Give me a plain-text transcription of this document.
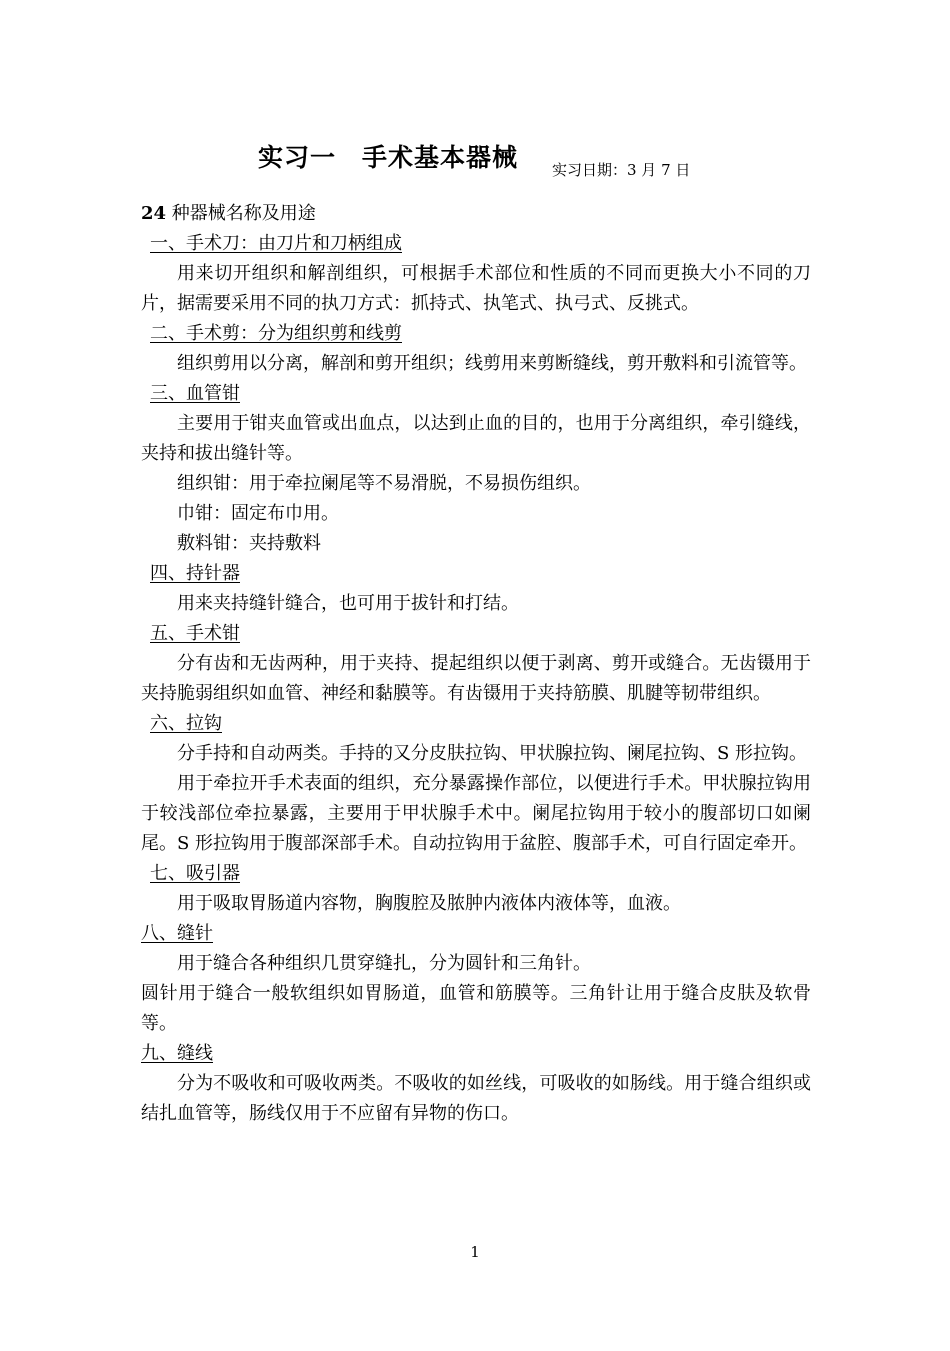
实习一　手术基本器械 实习日期：3 月 7 日
24 种器械名称及用途
一、手术刀：由刀片和刀柄组成

用来切开组织和解剖组织，可根据手术部位和性质的不同而更换大小不同的刀片，据需要采用不同的执刀方式：抓持式、执笔式、执弓式、反挑式。

二、手术剪：分为组织剪和线剪

组织剪用以分离，解剖和剪开组织；线剪用来剪断缝线，剪开敷料和引流管等。

三、血管钳

主要用于钳夹血管或出血点，以达到止血的目的，也用于分离组织，牵引缝线，夹持和拔出缝针等。

组织钳：用于牵拉阑尾等不易滑脱，不易损伤组织。

巾钳：固定布巾用。

敷料钳：夹持敷料

四、持针器

用来夹持缝针缝合，也可用于拔针和打结。

五、手术钳

分有齿和无齿两种，用于夹持、提起组织以便于剥离、剪开或缝合。无齿镊用于夹持脆弱组织如血管、神经和黏膜等。有齿镊用于夹持筋膜、肌腱等韧带组织。

六、拉钩

分手持和自动两类。手持的又分皮肤拉钩、甲状腺拉钩、阑尾拉钩、S 形拉钩。

用于牵拉开手术表面的组织，充分暴露操作部位，以便进行手术。甲状腺拉钩用于较浅部位牵拉暴露，主要用于甲状腺手术中。阑尾拉钩用于较小的腹部切口如阑尾。S 形拉钩用于腹部深部手术。自动拉钩用于盆腔、腹部手术，可自行固定牵开。

七、吸引器

用于吸取胃肠道内容物，胸腹腔及脓肿内液体内液体等，血液。

八、缝针

用于缝合各种组织几贯穿缝扎，分为圆针和三角针。

圆针用于缝合一般软组织如胃肠道，血管和筋膜等。三角针让用于缝合皮肤及软骨等。

九、缝线

分为不吸收和可吸收两类。不吸收的如丝线，可吸收的如肠线。用于缝合组织或结扎血管等，肠线仅用于不应留有异物的伤口。

1
